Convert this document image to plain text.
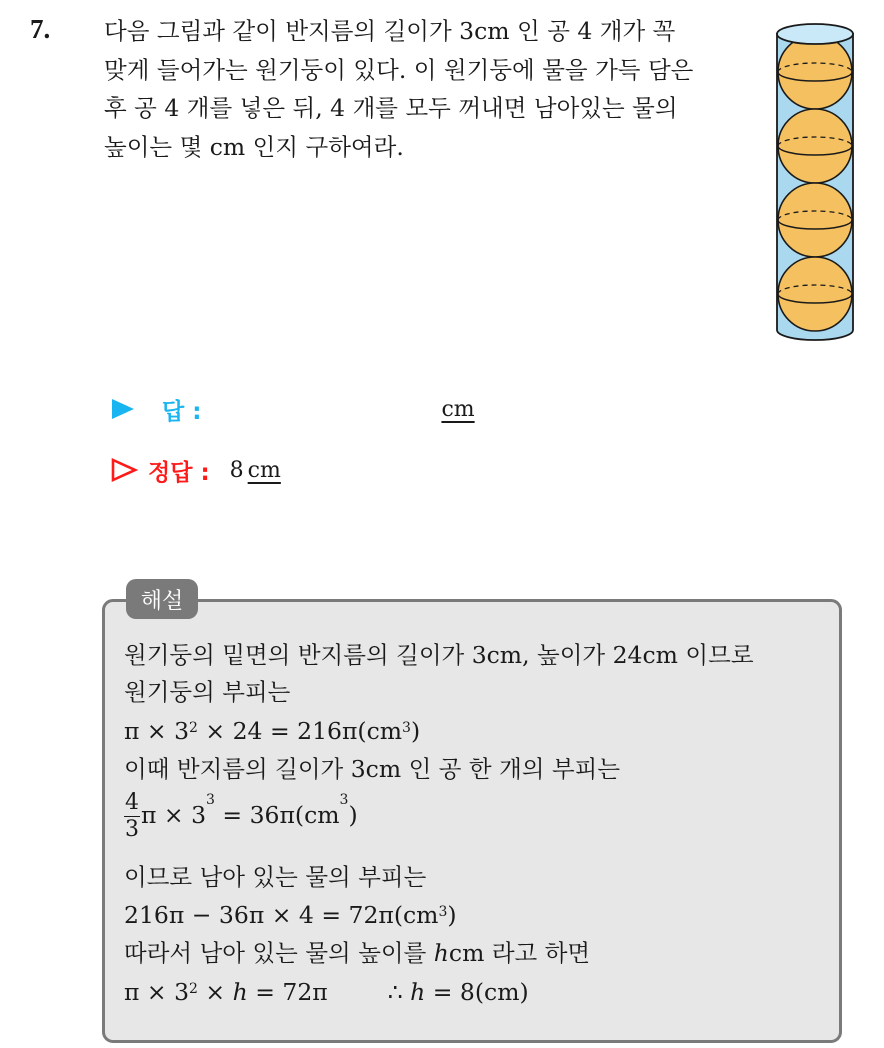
7. 다음 그림과 같이 반지름의 길이가 3cm 인 공 4 개가 꼭
맞게 들어가는 원기둥이 있다. 이 원기둥에 물을 가득 담은
후 공 4 개를 넣은 뒤, 4 개를 모두 꺼내면 남아있는 물의
높이는 몇 cm 인지 구하여라.
답 :	cm
정답 : 8 cm
해설
원기둥의 밑면의 반지름의 길이가 3cm, 높이가 24cm 이므로
원기둥의 부피는
$\pi \times 3^2 \times 24 = 216\pi(cm^3)$
이때 반지름의 길이가 3cm 인 공 한 개의 부피는
$\frac{4}{3}$ $\pi \times 3^3 = 36\pi(cm^3)$
이므로 남아 있는 물의 부피는
$216\pi - 36\pi \times 4 = 72\pi(cm^3)$
따라서 남아 있는 물의 높이를 hcm 라고 하면
$\pi \times 3^2 \times h = 72\pi$	∴ h = 8(cm)
